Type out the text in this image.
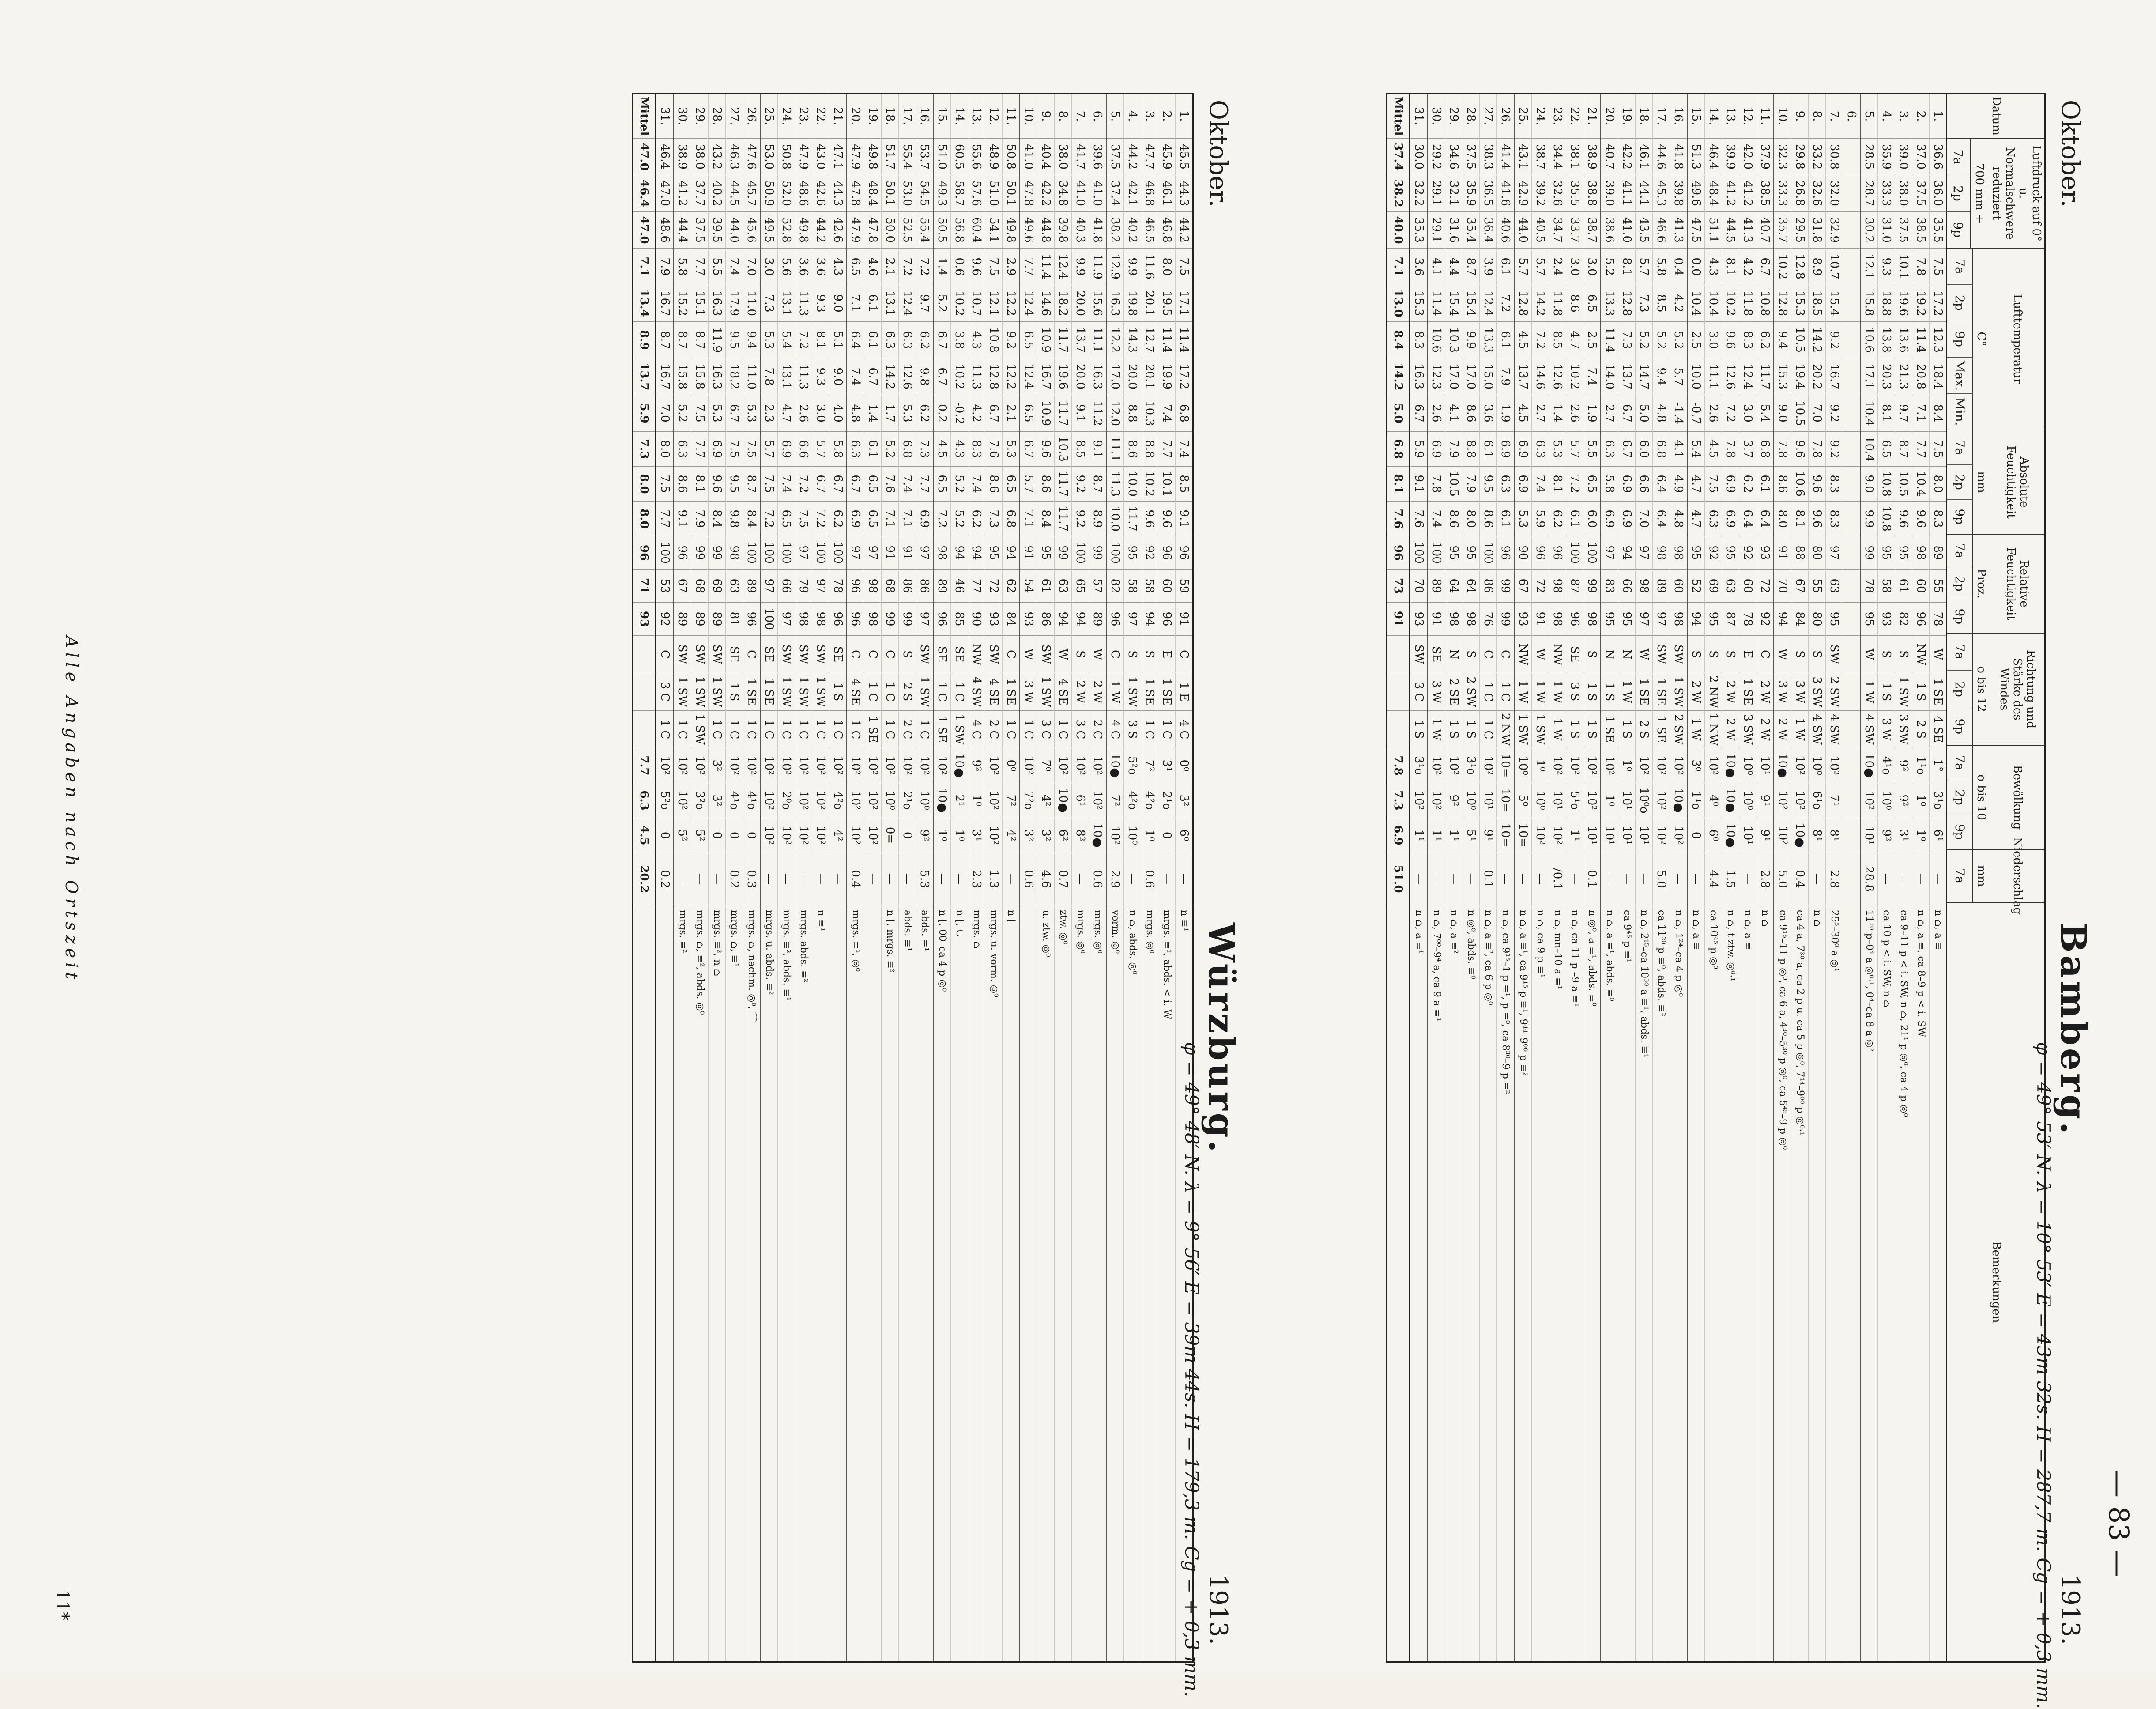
— 83 —
Oktober.
Bamberg.
φ = 49° 53′ N. λ = 10° 53′ E = 43m 32s. H = 287,7 m. Cg = + 0,3 mm. 1913.
Datum
Luftdruck auf 0° u. Normalschwere reduziert
700 mm +
7a
2p
9p
Lufttemperatur
C°
7a
2p
9p
Max.
Min.
Absolute Feuchtigkeit
mm
7a
2p
9p
Relative Feuchtigkeit
Proz.
7a
2p
9p
Richtung und Stärke des Windes
o bis 12
7a
2p
9p
Bewölkung
o bis 10
7a
2p
9p
Niederschlag
mm
7a
Bemerkungen
1.
36.6
36.0
35.5
7.5
17.2
12.3
18.4
8.4
7.5
8.0
8.3
89
55
78
W
1 SE
4 SE
1°
3¹o
6¹
—
n ⌂, a ≡
2.
37.0
37.5
38.5
7.8
19.2
11.4
20.8
7.1
7.7
10.4
9.6
98
60
96
NW
1 S
2 S
1¹o
1⁰
1⁰
—
n ⌂, a ≡, ca 8–9 p < i. SW
3.
39.0
38.0
37.5
10.1
19.6
13.6
21.3
9.7
8.7
10.5
9.6
95
61
82
S
1 SW
3 SW
9²
9²
3¹
—
ca 9–11 p < i. SW, n ⌂, 21¹ p ◎⁰, ca 4 p ◎⁰
4.
35.9
33.3
31.0
9.3
18.8
13.8
20.3
8.1
6.5
10.8
10.8
95
58
93
S
1 S
3 W
4¹o
10⁰
9²
—
ca 10 p < i. SW, n ⌂
5.
28.5
28.7
30.2
12.1
15.8
10.6
17.1
10.4
10.4
9.0
9.9
99
78
95
W
1 W
4 SW
10●
10²
10¹
28.8
11¹⁰ p–0⁴ a ◎⁰·¹, 0⁴–ca 8 a ◎²
6.
7.
30.8
32.0
32.9
10.7
15.4
9.2
16.7
9.2
9.2
8.3
8.3
97
63
95
SW
2 SW
4 SW
10²
7¹
8¹
2.8
25⁵–30⁰ a ◎¹
8.
33.2
32.6
31.8
8.9
18.5
14.2
20.2
7.0
7.8
9.6
9.6
80
55
80
S
3 SW
4 SW
10⁰
6¹o
8¹
—
n ⌂
9.
29.8
26.8
29.5
12.8
15.3
10.5
19.4
10.5
9.6
10.6
8.1
88
67
84
S
3 W
1 W
10²
10²
10●
0.4
ca 4 a, 7³⁰ a, ca 2 p u. ca 5 p ◎⁰, 7¹⁴–9⁰⁰ p ◎⁰·¹
10.
32.3
33.3
35.7
10.2
12.8
9.4
15.3
9.0
7.8
8.6
8.0
91
70
94
W
3 W
2 W
10●
10²
10²
5.0
ca 9¹⁵–11 p ◎⁰, ca 6 a, 4³⁰–5³⁰ p ◎⁰, ca 5⁴⁵–9 p ◎⁰
11.
37.9
38.5
40.7
6.7
10.8
6.2
11.7
5.4
6.8
6.1
6.4
93
72
92
C
2 W
2 W
10¹
9¹
9¹
2.8
n ⌂
12.
42.0
41.2
41.3
4.2
11.8
8.3
12.4
3.0
3.7
6.2
6.4
92
60
78
E
1 SE
3 SW
10⁰
10⁰
10¹
—
n ⌂, a ≡
13.
39.9
41.2
44.5
8.1
10.2
9.6
12.6
7.2
7.8
6.9
6.9
95
63
87
S
2 W
2 W
10●
10●
10●
1.5
n ⌂, t ztw. ◎⁰·¹
14.
46.4
48.4
51.1
4.3
10.4
3.0
11.1
2.6
4.5
7.5
6.3
92
69
95
S
2 NW
1 NW
10²
4⁰
6⁰
4.4
ca 10⁴⁵ p ◎⁰
15.
51.3
49.6
47.5
0.0
10.4
2.5
10.0
-0.7
5.4
4.7
4.7
95
52
94
S
2 W
1 W
3⁰
1¹o
0
—
n ⌂, a ≡
16.
41.8
39.8
41.3
0.4
4.2
5.2
5.7
-1.4
4.1
4.9
4.8
98
60
98
SW
1 SW
2 SW
10²
10●
10²
—
n ⌂, 1²⁴–ca 4 p ◎⁰
17.
44.6
45.3
46.6
5.8
8.5
5.2
9.4
4.8
6.8
6.4
6.4
98
89
97
SW
1 SE
1 SE
10²
10²
10²
5.0
ca 11²⁰ p ≡⁰, abds. ≡²
18.
46.1
44.1
43.5
5.7
7.3
5.2
14.7
5.0
6.0
6.6
7.0
97
98
97
W
1 SE
2 S
10²
10⁰o
10¹
—
n ⌂, 2¹⁵–ca 10³⁰ a ≡¹, abds. ≡¹
19.
42.2
41.1
41.0
8.1
12.8
7.3
13.7
6.7
6.7
6.9
6.9
94
66
95
N
1 W
1 S
1⁰
10¹
10¹
—
ca 9⁴⁵ p ≡¹
20.
40.7
39.0
38.6
5.2
13.3
11.4
14.0
2.7
6.3
5.8
6.9
97
83
95
N
1 S
1 SE
10²
1⁰
10¹
—
n ⌂, a ≡¹, abds. ≡⁰
21.
38.9
38.8
38.7
3.0
6.5
2.5
7.4
1.9
5.5
6.5
6.0
100
99
98
S
1 S
1 S
10²
10²
10¹
0.1
n ◎⁰, a ≡¹, abds. ≡⁰
22.
38.1
35.5
33.7
3.0
8.6
4.7
10.2
2.6
5.7
7.2
6.1
100
87
96
SE
3 S
1 S
10²
5¹o
1¹
—
n ⌂, ca 11 p –9 a ≡¹
23.
34.4
32.6
34.7
2.4
11.8
8.5
12.6
1.4
5.3
8.1
6.2
96
98
98
NW
1 W
1 W
10²
10¹
10²
/0.1
n ⌂, mn–10 a ≡¹
24.
38.7
39.2
40.5
5.7
14.2
7.2
14.6
2.7
6.3
7.4
5.9
96
72
91
W
1 W
1 SW
1⁰
10⁰
10²
—
n ⌂, ca 9 p ≡¹
25.
43.1
42.9
44.0
5.7
12.8
4.5
13.7
4.5
6.9
6.9
5.3
90
67
93
NW
1 W
1 SW
10⁰
5⁰
10=
—
n ⌂, a ≡¹, ca 9¹⁵ p ≡¹, 9⁴⁴–9⁰⁰ p ≡²
26.
41.4
41.6
40.6
6.1
7.2
6.1
7.9
1.9
6.9
6.3
6.1
96
99
99
C
1 C
2 NW
10=
10=
10=
—
n ⌂, ca 9¹⁵–1 p ≡¹, p ≡⁰, ca 8³⁰–9 p ≡²
27.
38.3
36.5
36.4
3.9
12.4
13.3
15.0
3.6
6.1
9.5
8.6
100
86
76
C
1 C
1 C
10²
10¹
9¹
0.1
n ⌂, a ≡², ca 6 p ◎⁰
28.
37.5
35.9
35.4
8.7
15.4
9.9
17.0
8.6
8.8
7.9
8.0
95
64
98
S
2 SW
1 S
3¹o
10⁰
5¹
—
n ◎⁰, abds. ≡⁰
29.
34.6
32.1
31.6
4.4
15.4
10.3
17.0
4.1
7.9
10.5
8.6
95
64
98
N
2 SE
1 S
10²
9²
1¹
—
n ⌂, a ≡²
30.
29.2
29.1
29.1
4.1
11.4
10.6
12.3
2.6
6.9
7.8
7.4
100
89
91
SE
3 W
1 W
10²
10²
1¹
—
n ⌂, 7⁰⁰–9⁴ a, ca 9 a ≡¹
31.
30.0
32.2
35.3
3.6
15.3
8.3
16.3
6.7
5.9
9.1
7.6
100
70
93
SW
3 C
1 S
3¹o
10²
1¹
—
n ⌂, a ≡¹
Mittel
37.4
38.2
40.0
7.1
13.0
8.4
14.2
5.0
6.8
8.1
7.6
96
73
91
7.8
7.3
6.9
51.0
Oktober.
Würzburg.
φ = 49° 48′ N. λ = 9° 56′ E = 39m 44s. H = 179,3 m. Cg = + 0,3 mm. 1913.
1.
45.5
44.3
44.2
7.5
17.1
11.4
17.2
6.8
7.4
8.5
9.1
96
59
91
C
1 E
4 C
0⁰
3²
6⁰
—
n ≡¹
2.
45.9
46.1
46.8
8.0
19.5
11.4
19.9
7.4
7.7
10.1
9.6
96
60
96
E
1 SE
1 C
3¹
2¹o
0
—
mrgs. ≡¹, abds. < i. W
3.
47.7
46.8
46.5
11.6
20.1
12.7
20.1
10.3
8.8
10.2
9.6
92
58
94
S
1 SE
1 C
7²
4²o
1⁰
0.6
mrgs. ◎⁰
4.
44.2
42.1
40.2
9.9
19.8
14.3
20.0
8.8
8.6
10.0
11.7
95
58
97
S
1 SW
3 S
5²o
4²o
10⁰
—
n ⌂, abds. ◎⁰
5.
37.5
37.4
38.2
12.9
16.3
12.2
17.0
12.0
11.1
11.3
10.0
100
82
96
C
1 W
4 C
10●
7²
10²
2.9
vorm. ◎⁰
6.
39.6
41.0
41.8
11.9
15.6
11.1
16.3
11.2
9.1
8.7
8.9
99
57
89
W
2 W
2 C
10²
10²
10●
0.6
mrgs. ◎⁰
7.
41.7
41.0
40.3
9.9
20.0
13.7
20.0
9.1
8.5
9.2
9.2
100
65
94
S
2 W
3 C
10²
6¹
8²
—
mrgs. ◎⁰
8.
38.0
34.8
39.8
12.4
18.2
11.7
19.6
11.7
10.3
11.7
11.7
99
63
94
W
4 SE
1 C
10²
10●
6²
0.7
ztw. ◎⁰
9.
40.4
42.2
44.8
11.4
14.6
10.9
16.7
10.9
9.6
8.6
8.4
95
61
86
SW
1 SW
3 C
7⁰
4²
3²
4.6
u. ztw. ◎⁰
10.
41.0
47.8
49.6
7.7
12.4
6.5
12.4
6.5
6.7
5.7
7.1
91
54
93
W
3 W
1 C
10²
7²o
3²
0.6
11.
50.8
50.1
49.8
2.9
12.2
9.2
12.2
2.1
5.3
6.5
6.8
94
62
84
C
1 SE
1 C
0⁰
7²
4²
—
n ⌊
12.
48.9
51.0
54.1
7.5
12.1
10.8
12.8
6.7
7.6
8.6
7.3
95
72
93
SW
4 SE
2 C
10²
10²
10²
1.3
mrgs. u. vorm. ◎⁰
13.
55.6
57.6
60.4
9.6
10.7
4.3
11.3
4.2
8.3
7.4
6.2
94
77
90
NW
4 SW
4 C
9²
1⁰
3¹
2.3
mrgs. ⌂
14.
60.5
58.7
56.8
0.6
10.2
3.8
10.2
-0.2
4.3
5.2
5.2
94
46
85
SE
1 C
1 SW
10●
2¹
1⁰
—
n ⌊, ∪
15.
51.0
49.3
50.5
1.4
5.2
6.7
6.7
0.2
4.5
6.5
7.2
98
89
96
SE
1 C
1 SE
10²
10●
1⁰
—
n ⌊, 00–ca 4 p ◎⁰
16.
53.7
54.5
55.4
7.2
9.7
6.2
9.8
6.2
7.3
7.7
6.9
97
86
97
SW
1 SW
1 C
10²
10⁰
9²
5.3
abds. ≡¹
17.
55.4
53.0
52.5
7.2
12.4
6.3
12.6
5.3
6.8
7.4
7.1
91
86
99
S
2 S
2 C
10²
2¹o
0
—
abds. ≡¹
18.
51.7
50.1
50.0
2.1
13.1
6.3
14.2
1.7
5.2
7.6
7.1
91
68
99
C
1 C
1 C
10²
10⁰
0=
—
n ⌊, mrgs. ≡²
19.
49.8
48.4
47.8
4.6
6.1
6.1
6.7
1.4
6.1
6.5
6.5
97
98
98
C
1 C
1 SE
10²
10²
10²
—
20.
47.9
47.8
47.9
6.5
7.1
6.4
7.4
4.8
6.3
6.7
6.9
97
96
96
C
4 SE
1 C
10²
10²
10²
0.4
mrgs. ≡¹, ◎⁰
21.
47.1
44.3
42.6
4.3
9.0
5.1
9.0
4.0
5.8
6.7
6.2
100
78
96
SE
1 S
1 C
10²
4²o
4²
—
22.
43.0
42.6
44.2
3.6
9.3
8.1
9.3
3.0
5.7
6.7
7.2
100
97
98
SW
1 SW
1 C
10²
10²
10²
—
n ≡¹
23.
47.9
48.6
49.8
3.6
11.3
7.2
11.3
2.6
6.6
7.2
7.5
97
79
98
SW
1 SW
1 C
10²
10²
10²
—
mrgs. abds. ≡²
24.
50.8
52.0
52.8
5.6
13.1
5.4
13.1
4.7
6.9
7.4
6.5
100
66
97
SW
1 SW
1 C
10²
2⁰o
10²
—
mrgs. ≡², abds. ≡¹
25.
53.0
50.9
49.5
3.0
7.3
5.3
7.8
2.3
5.7
7.5
7.2
100
97
100
SE
1 SE
1 C
10²
10²
10²
—
mrgs. u. abds. ≡²
26.
47.6
45.7
45.6
7.0
11.0
9.4
11.0
5.3
7.5
8.7
8.4
100
89
96
C
1 SE
1 C
10²
4¹o
0
0.3
mrgs. ⌂, nachm. ◎⁰, ⌒
27.
46.3
44.5
44.0
7.4
17.9
9.5
18.2
6.7
7.5
9.5
9.8
98
63
81
SE
1 S
1 C
10²
4¹o
0
0.2
mrgs. ⌂, ≡¹
28.
43.2
40.2
39.5
5.5
16.3
11.9
16.3
5.3
6.9
9.6
8.4
99
69
89
SW
1 SW
1 C
3²
3²
0
—
mrgs. ≡², n ⌂
29.
38.0
37.7
37.5
7.7
15.1
8.7
15.8
7.5
7.7
8.1
7.9
99
68
89
SW
1 SW
1 SW
10²
3²o
5²
—
mrgs. ⌂, ≡², abds. ◎⁰
30.
38.9
41.2
44.4
5.8
15.2
8.7
15.8
5.2
6.3
8.6
9.1
96
67
89
SW
1 SW
1 C
10²
10²
5²
—
mrgs. ≡²
31.
46.4
47.0
48.6
7.9
16.7
8.7
16.7
7.0
8.0
7.5
7.7
100
53
92
C
3 C
1 C
10²
5²o
0
0.2
Mittel
47.0
46.4
47.0
7.1
13.4
8.9
13.7
5.9
7.3
8.0
8.0
96
71
93
7.7
6.3
4.5
20.2
Alle Angaben nach Ortszeit
11*
